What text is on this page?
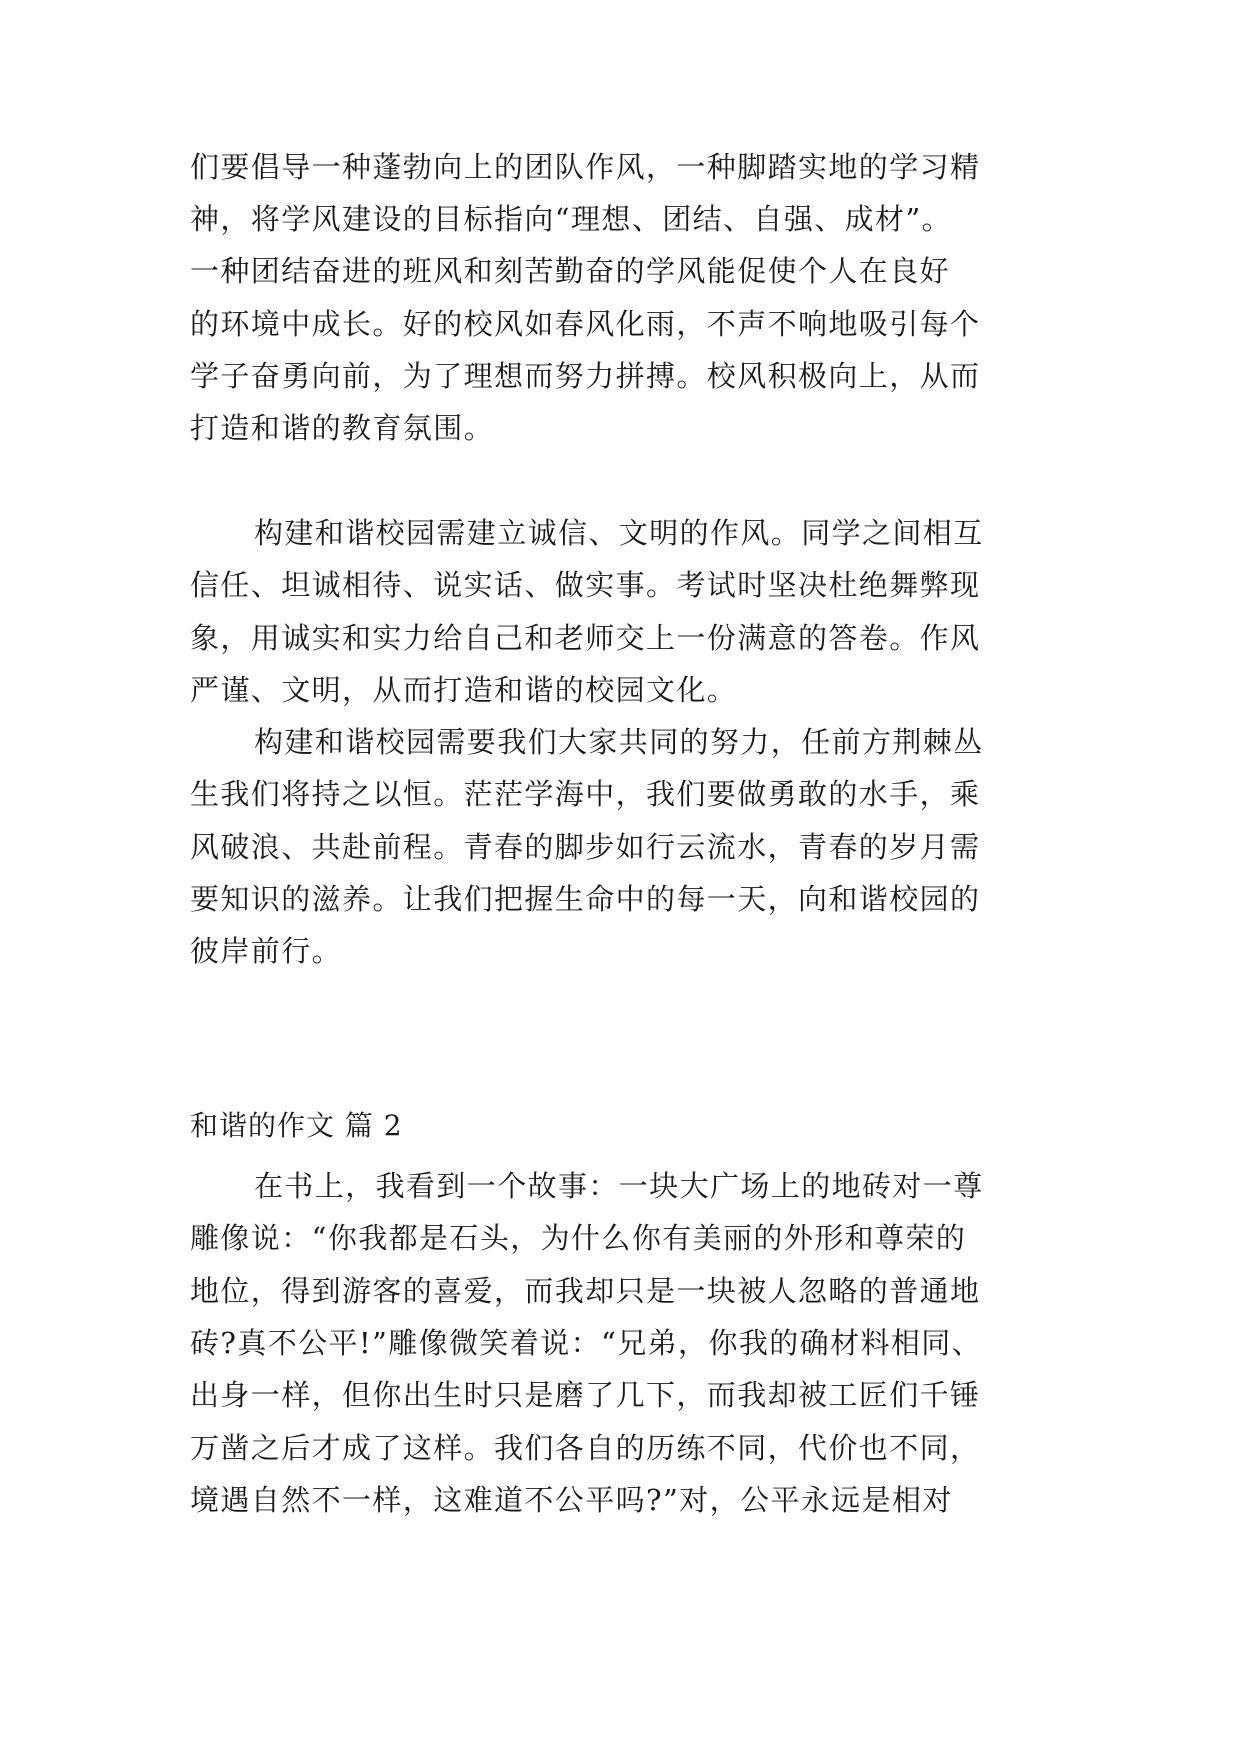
们要倡导一种蓬勃向上的团队作风，一种脚踏实地的学习精
神，将学风建设的目标指向“理想、团结、自强、成材”。
一种团结奋进的班风和刻苦勤奋的学风能促使个人在良好
的环境中成长。好的校风如春风化雨，不声不响地吸引每个
学子奋勇向前，为了理想而努力拼搏。校风积极向上，从而
打造和谐的教育氛围。
构建和谐校园需建立诚信、文明的作风。同学之间相互
信任、坦诚相待、说实话、做实事。考试时坚决杜绝舞弊现
象，用诚实和实力给自己和老师交上一份满意的答卷。作风
严谨、文明，从而打造和谐的校园文化。
构建和谐校园需要我们大家共同的努力，任前方荆棘丛
生我们将持之以恒。茫茫学海中，我们要做勇敢的水手，乘
风破浪、共赴前程。青春的脚步如行云流水，青春的岁月需
要知识的滋养。让我们把握生命中的每一天，向和谐校园的
彼岸前行。
和谐的作文 篇 2
在书上，我看到一个故事：一块大广场上的地砖对一尊
雕像说：“你我都是石头，为什么你有美丽的外形和尊荣的
地位，得到游客的喜爱，而我却只是一块被人忽略的普通地
砖?真不公平!”雕像微笑着说：“兄弟，你我的确材料相同、
出身一样，但你出生时只是磨了几下，而我却被工匠们千锤
万凿之后才成了这样。我们各自的历练不同，代价也不同，
境遇自然不一样，这难道不公平吗?”对，公平永远是相对
